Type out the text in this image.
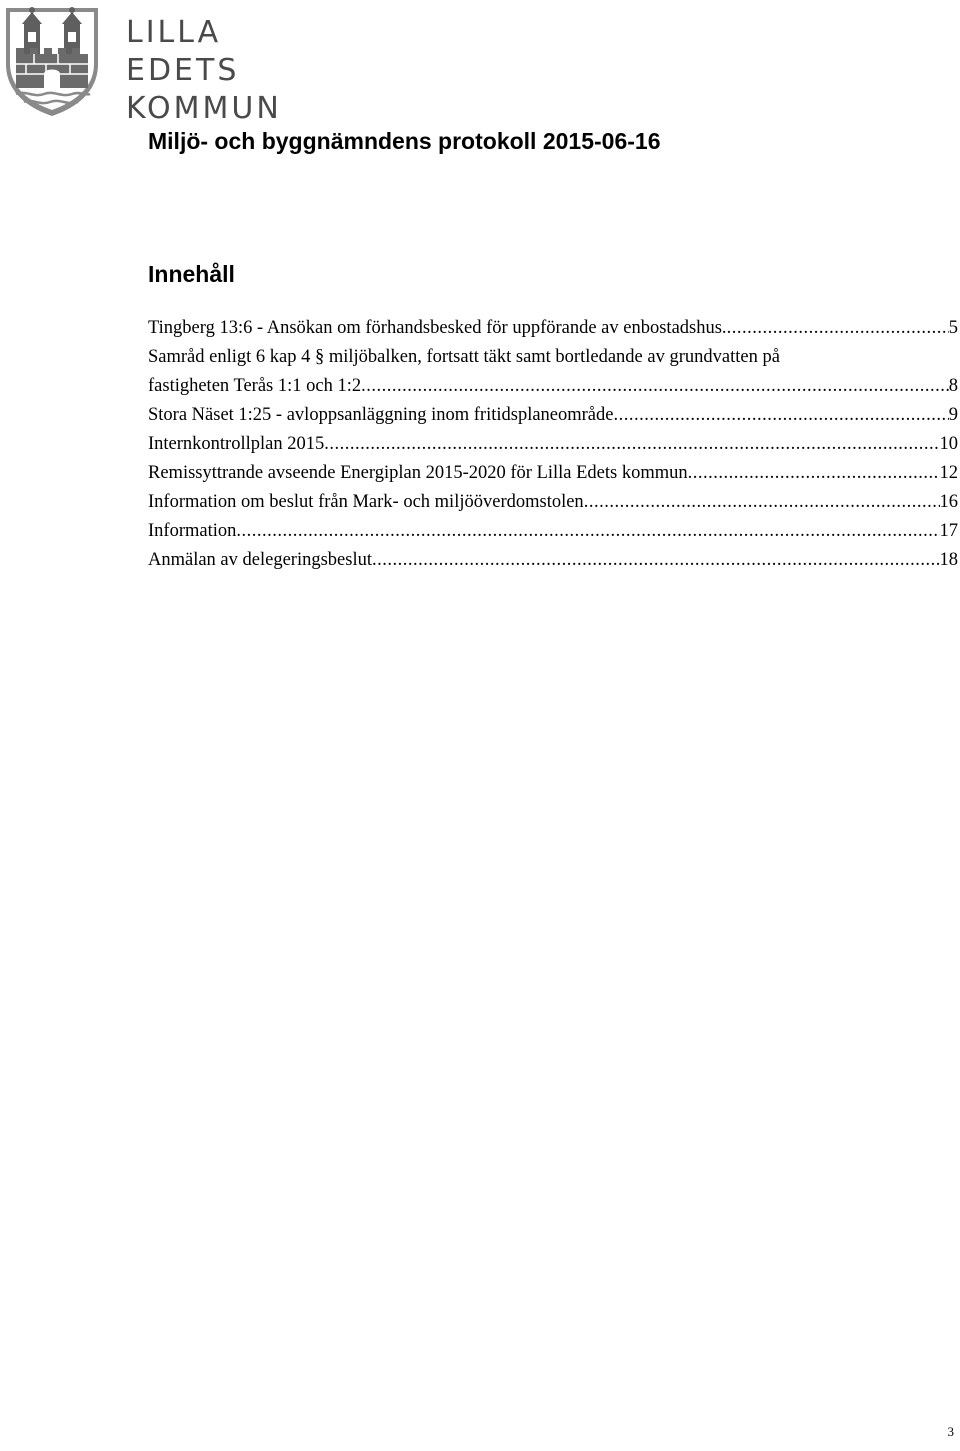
LILLA EDETS
KOMMUN
Miljö- och byggnämndens protokoll 2015-06-16
Innehåll
Tingberg 13:6 - Ansökan om förhandsbesked för uppförande av enbostadshus. .....	5
Samråd enligt 6 kap 4 § miljöbalken, fortsatt täkt samt bortledande av grundvatten på
fastigheten Terås 1:1 och 1:2 .....	8
Stora Näset 1:25 - avloppsanläggning inom fritidsplaneområde .....	9
Internkontrollplan 2015 .....	10
Remissyttrande avseende Energiplan 2015-2020 för Lilla Edets kommun .....	12
Information om beslut från Mark- och miljööverdomstolen .....	16
Information .....	17
Anmälan av delegeringsbeslut .....	18
3
